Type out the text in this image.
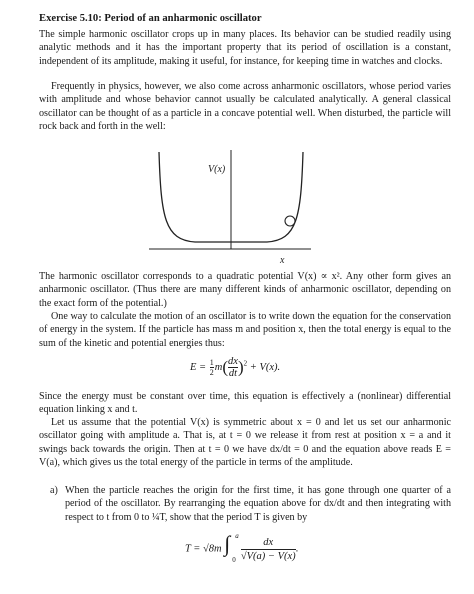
Exercise 5.10: Period of an anharmonic oscillator

The simple harmonic oscillator crops up in many places. Its behavior can be studied readily using analytic methods and it has the important property that its period of oscillation is a constant, independent of its amplitude, making it useful, for instance, for keeping time in watches and clocks.

Frequently in physics, however, we also come across anharmonic oscillators, whose period varies with amplitude and whose behavior cannot usually be calculated analytically. A general classical oscillator can be thought of as a particle in a concave potential well. When disturbed, the particle will rock back and forth in the well:

V(x)
x

The harmonic oscillator corresponds to a quadratic potential V(x) ∝ x². Any other form gives an anharmonic oscillator. (Thus there are many different kinds of anharmonic oscillator, depending on the exact form of the potential.)

One way to calculate the motion of an oscillator is to write down the equation for the conservation of energy in the system. If the particle has mass m and position x, then the total energy is equal to the sum of the kinetic and potential energies thus:

$E = \frac{1}{2} m( \frac{dx}{dt} )^2 + V(x)$.

Since the energy must be constant over time, this equation is effectively a (nonlinear) differential equation linking x and t.

Let us assume that the potential V(x) is symmetric about x = 0 and let us set our anharmonic oscillator going with amplitude a. That is, at t = 0 we release it from rest at position x = a and it swings back towards the origin. Then at t = 0 we have dx/dt = 0 and the equation above reads E = V(a), which gives us the total energy of the particle in terms of the amplitude.

a) When the particle reaches the origin for the first time, it has gone through one quarter of a period of the oscillator. By rearranging the equation above for dx/dt and then integrating with respect to t from 0 to ¼T, show that the period T is given by

T = √8m ∫ a
0
$\frac{dx}{√V(a) - V(x)}$ .
